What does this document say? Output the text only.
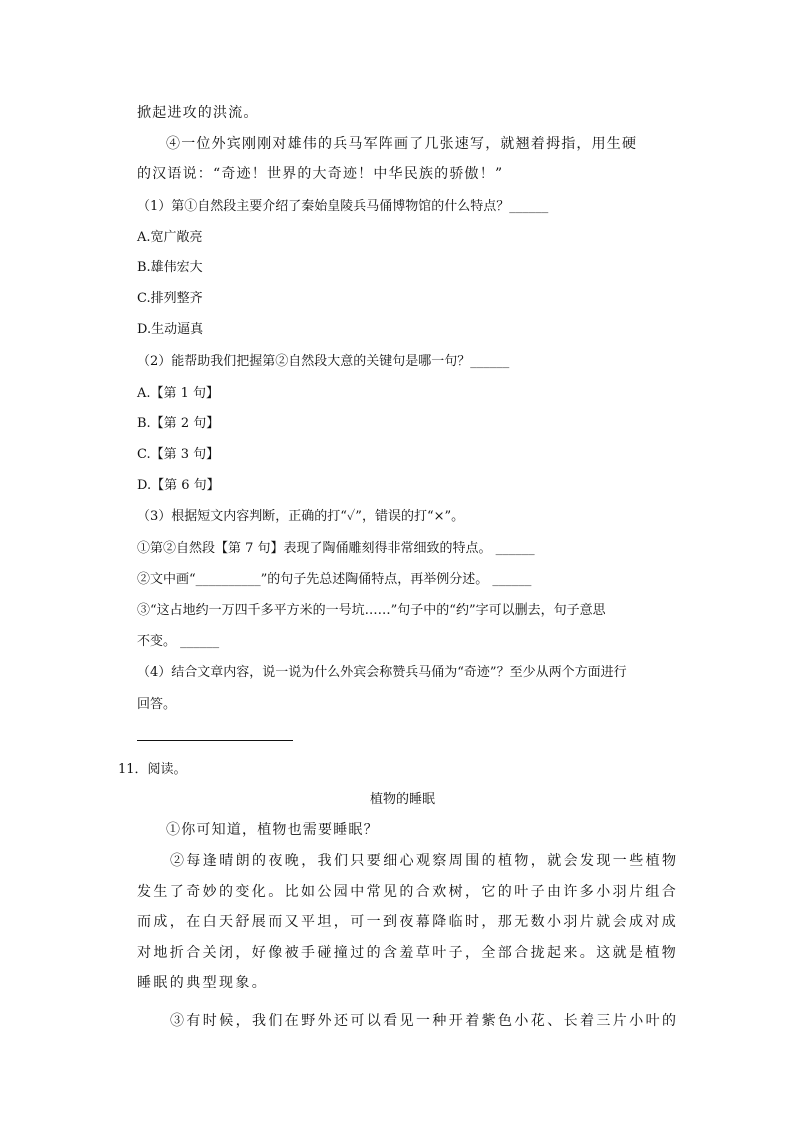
掀起进攻的洪流。
④一位外宾刚刚对雄伟的兵马军阵画了几张速写，就翘着拇指，用生硬
的汉语说：“奇迹！世界的大奇迹！中华民族的骄傲！”
（1）第①自然段主要介绍了秦始皇陵兵马俑博物馆的什么特点？______
A.宽广敞亮
B.雄伟宏大
C.排列整齐
D.生动逼真
（2）能帮助我们把握第②自然段大意的关键句是哪一句？______
A.【第 1 句】
B.【第 2 句】
C.【第 3 句】
D.【第 6 句】
（3）根据短文内容判断，正确的打“✓”，错误的打“×”。
①第②自然段【第 7 句】表现了陶俑雕刻得非常细致的特点。 ______
②文中画“__________”的句子先总述陶俑特点，再举例分述。 ______
③“这占地约一万四千多平方米的一号坑……”句子中的“约”字可以删去，句子意思
不变。 ______
（4）结合文章内容，说一说为什么外宾会称赞兵马俑为“奇迹”？至少从两个方面进行
回答。
11．阅读。
植物的睡眠
①你可知道，植物也需要睡眠？
②每逢晴朗的夜晚，我们只要细心观察周围的植物，就会发现一些植物
发生了奇妙的变化。比如公园中常见的合欢树，它的叶子由许多小羽片组合
而成，在白天舒展而又平坦，可一到夜幕降临时，那无数小羽片就会成对成
对地折合关闭，好像被手碰撞过的含羞草叶子，全部合拢起来。这就是植物
睡眠的典型现象。
③有时候，我们在野外还可以看见一种开着紫色小花、长着三片小叶的
